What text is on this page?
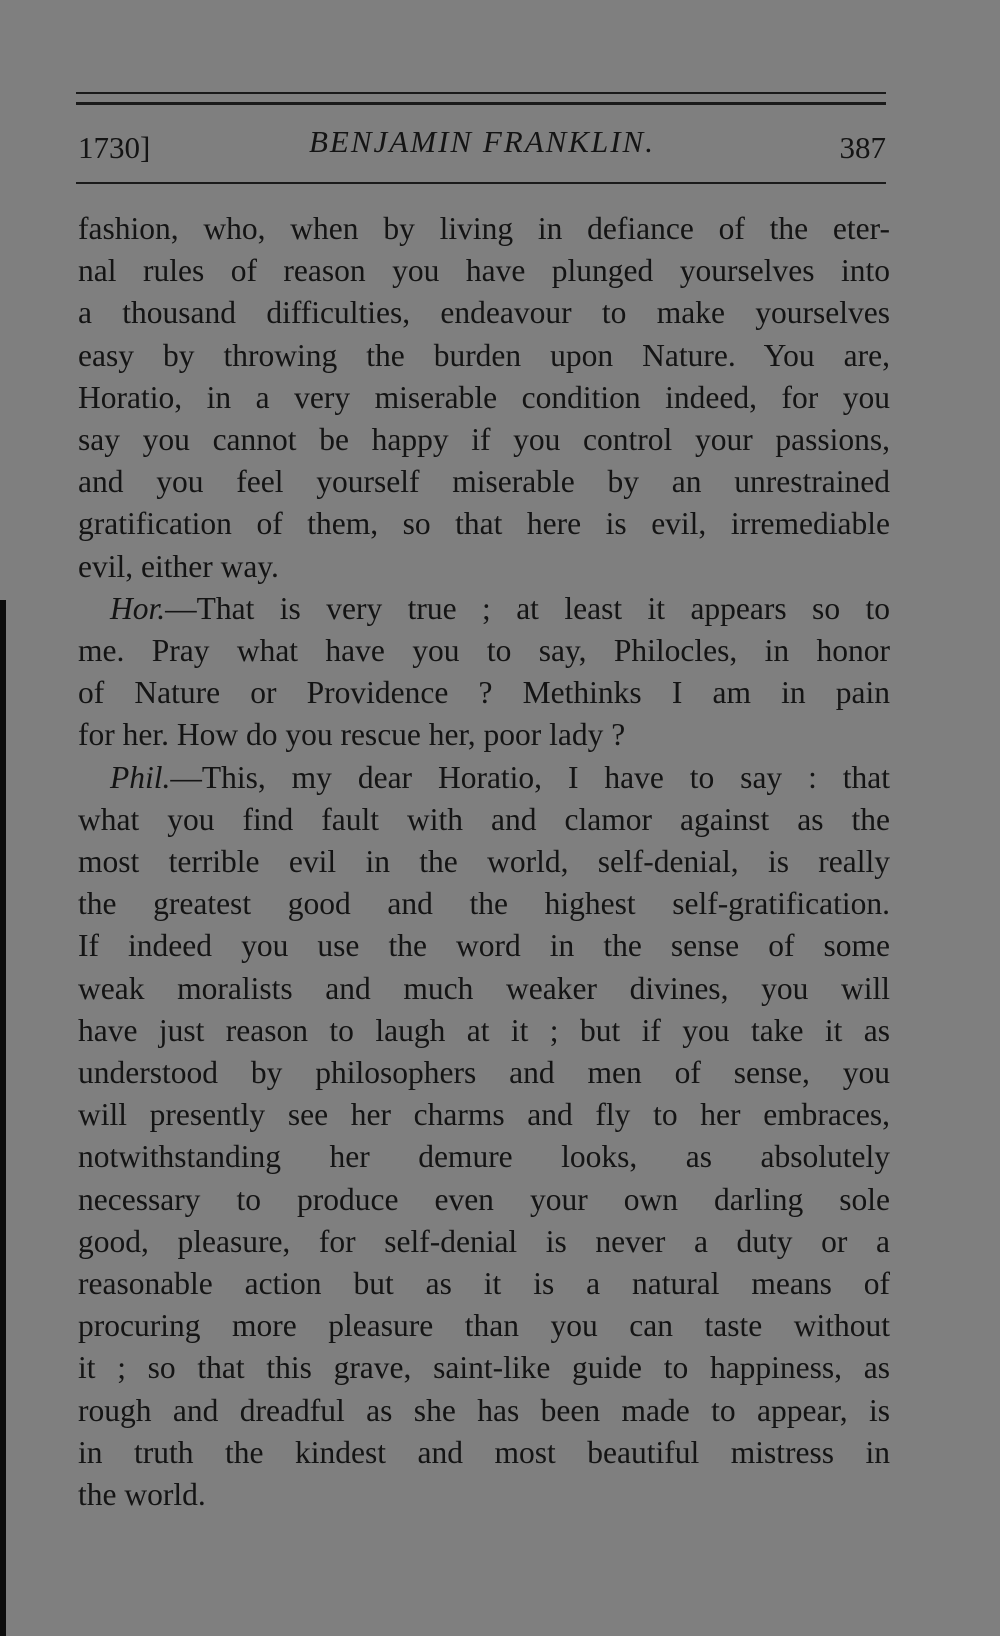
1730]	BENJAMIN FRANKLIN.	387
fashion, who, when by living in defiance of the eter-
nal rules of reason you have plunged yourselves into
a thousand difficulties, endeavour to make yourselves
easy by throwing the burden upon Nature. You are,
Horatio, in a very miserable condition indeed, for you
say you cannot be happy if you control your passions,
and you feel yourself miserable by an unrestrained
gratification of them, so that here is evil, irremediable
evil, either way.
Hor.—That is very true ; at least it appears so to
me. Pray what have you to say, Philocles, in honor
of Nature or Providence ? Methinks I am in pain
for her. How do you rescue her, poor lady ?
Phil.—This, my dear Horatio, I have to say : that
what you find fault with and clamor against as the
most terrible evil in the world, self-denial, is really
the greatest good and the highest self-gratification.
If indeed you use the word in the sense of some
weak moralists and much weaker divines, you will
have just reason to laugh at it ; but if you take it as
understood by philosophers and men of sense, you
will presently see her charms and fly to her embraces,
notwithstanding her demure looks, as absolutely
necessary to produce even your own darling sole
good, pleasure, for self-denial is never a duty or a
reasonable action but as it is a natural means of
procuring more pleasure than you can taste without
it ; so that this grave, saint-like guide to happiness, as
rough and dreadful as she has been made to appear, is
in truth the kindest and most beautiful mistress in
the world.
